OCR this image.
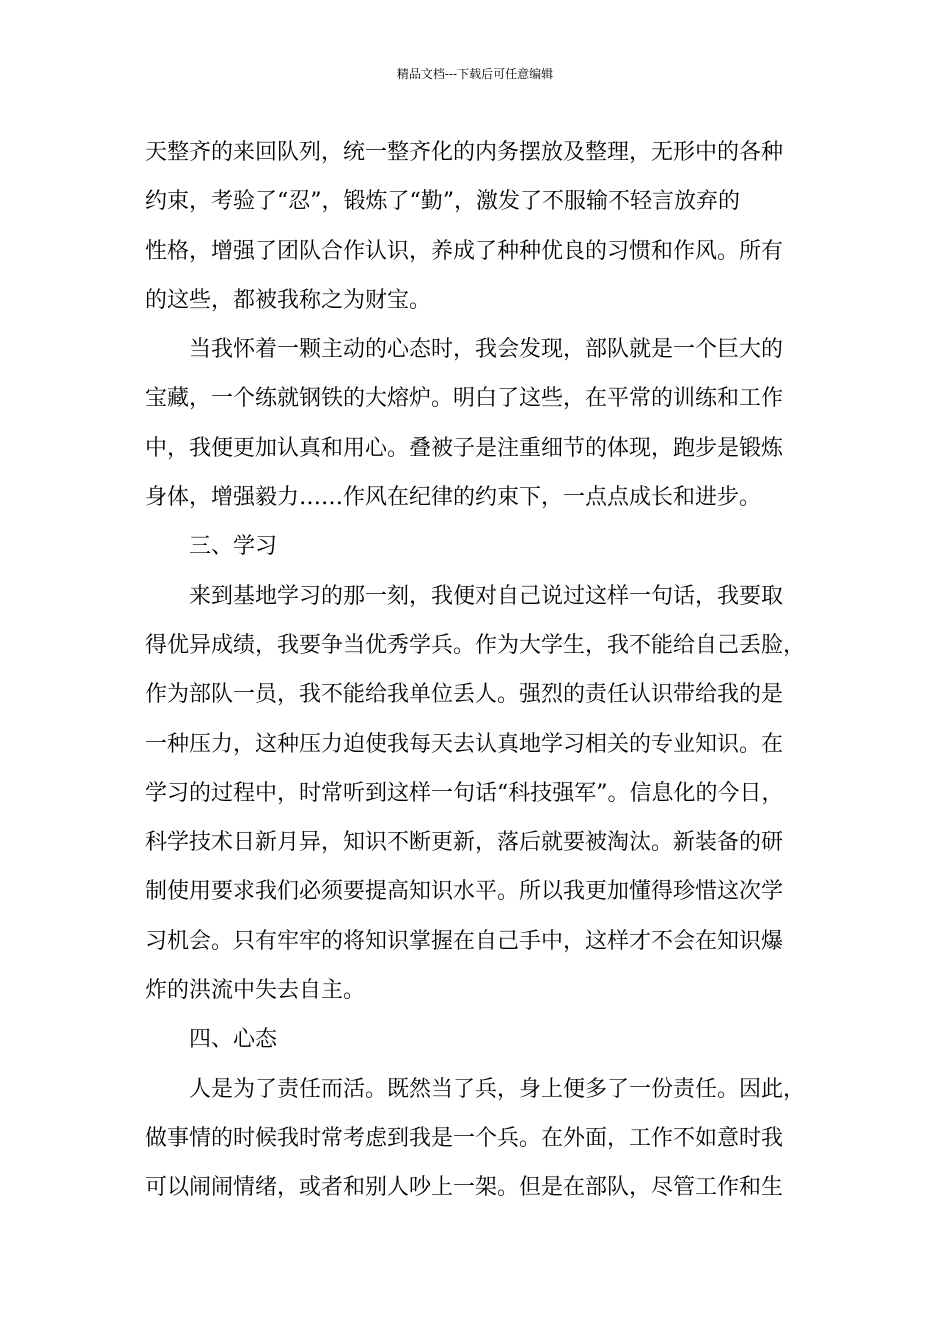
精品文档---下载后可任意编辑
天整齐的来回队列，统一整齐化的内务摆放及整理，无形中的各种
约束，考验了“忍”，锻炼了“勤”，激发了不服输不轻言放弃的
性格，增强了团队合作认识，养成了种种优良的习惯和作风。所有
的这些，都被我称之为财宝。
当我怀着一颗主动的心态时，我会发现，部队就是一个巨大的
宝藏，一个练就钢铁的大熔炉。明白了这些，在平常的训练和工作
中，我便更加认真和用心。叠被子是注重细节的体现，跑步是锻炼
身体，增强毅力……作风在纪律的约束下，一点点成长和进步。
三、学习
来到基地学习的那一刻，我便对自己说过这样一句话，我要取
得优异成绩，我要争当优秀学兵。作为大学生，我不能给自己丢脸，
作为部队一员，我不能给我单位丢人。强烈的责任认识带给我的是
一种压力，这种压力迫使我每天去认真地学习相关的专业知识。在
学习的过程中，时常听到这样一句话“科技强军”。信息化的今日，
科学技术日新月异，知识不断更新，落后就要被淘汰。新装备的研
制使用要求我们必须要提高知识水平。所以我更加懂得珍惜这次学
习机会。只有牢牢的将知识掌握在自己手中，这样才不会在知识爆
炸的洪流中失去自主。
四、心态
人是为了责任而活。既然当了兵，身上便多了一份责任。因此，
做事情的时候我时常考虑到我是一个兵。在外面，工作不如意时我
可以闹闹情绪，或者和别人吵上一架。但是在部队，尽管工作和生
